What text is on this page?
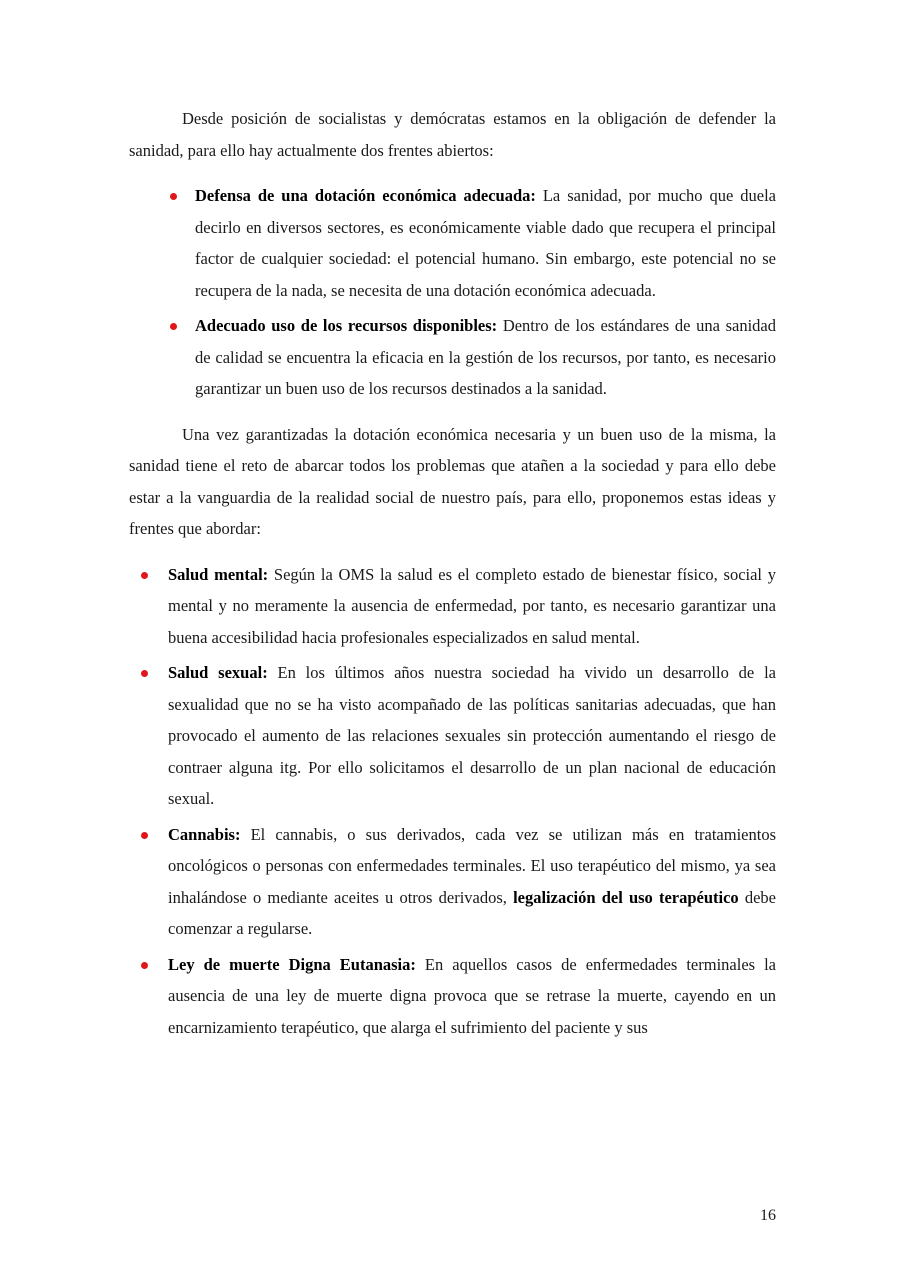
Desde posición de socialistas y demócratas estamos en la obligación de defender la sanidad, para ello hay actualmente dos frentes abiertos:

Defensa de una dotación económica adecuada: La sanidad, por mucho que duela decirlo en diversos sectores, es económicamente viable dado que recupera el principal factor de cualquier sociedad: el potencial humano. Sin embargo, este potencial no se recupera de la nada, se necesita de una dotación económica adecuada.
Adecuado uso de los recursos disponibles: Dentro de los estándares de una sanidad de calidad se encuentra la eficacia en la gestión de los recursos, por tanto, es necesario garantizar un buen uso de los recursos destinados a la sanidad.

Una vez garantizadas la dotación económica necesaria y un buen uso de la misma, la sanidad tiene el reto de abarcar todos los problemas que atañen a la sociedad y para ello debe estar a la vanguardia de la realidad social de nuestro país, para ello, proponemos estas ideas y frentes que abordar:

Salud mental: Según la OMS la salud es el completo estado de bienestar físico, social y mental y no meramente la ausencia de enfermedad, por tanto, es necesario garantizar una buena accesibilidad hacia profesionales especializados en salud mental.
Salud sexual: En los últimos años nuestra sociedad ha vivido un desarrollo de la sexualidad que no se ha visto acompañado de las políticas sanitarias adecuadas, que han provocado el aumento de las relaciones sexuales sin protección aumentando el riesgo de contraer alguna itg. Por ello solicitamos el desarrollo de un plan nacional de educación sexual.
Cannabis: El cannabis, o sus derivados, cada vez se utilizan más en tratamientos oncológicos o personas con enfermedades terminales. El uso terapéutico del mismo, ya sea inhalándose o mediante aceites u otros derivados, legalización del uso terapéutico debe comenzar a regularse.
Ley de muerte Digna Eutanasia: En aquellos casos de enfermedades terminales la ausencia de una ley de muerte digna provoca que se retrase la muerte, cayendo en un encarnizamiento terapéutico, que alarga el sufrimiento del paciente y sus
16
